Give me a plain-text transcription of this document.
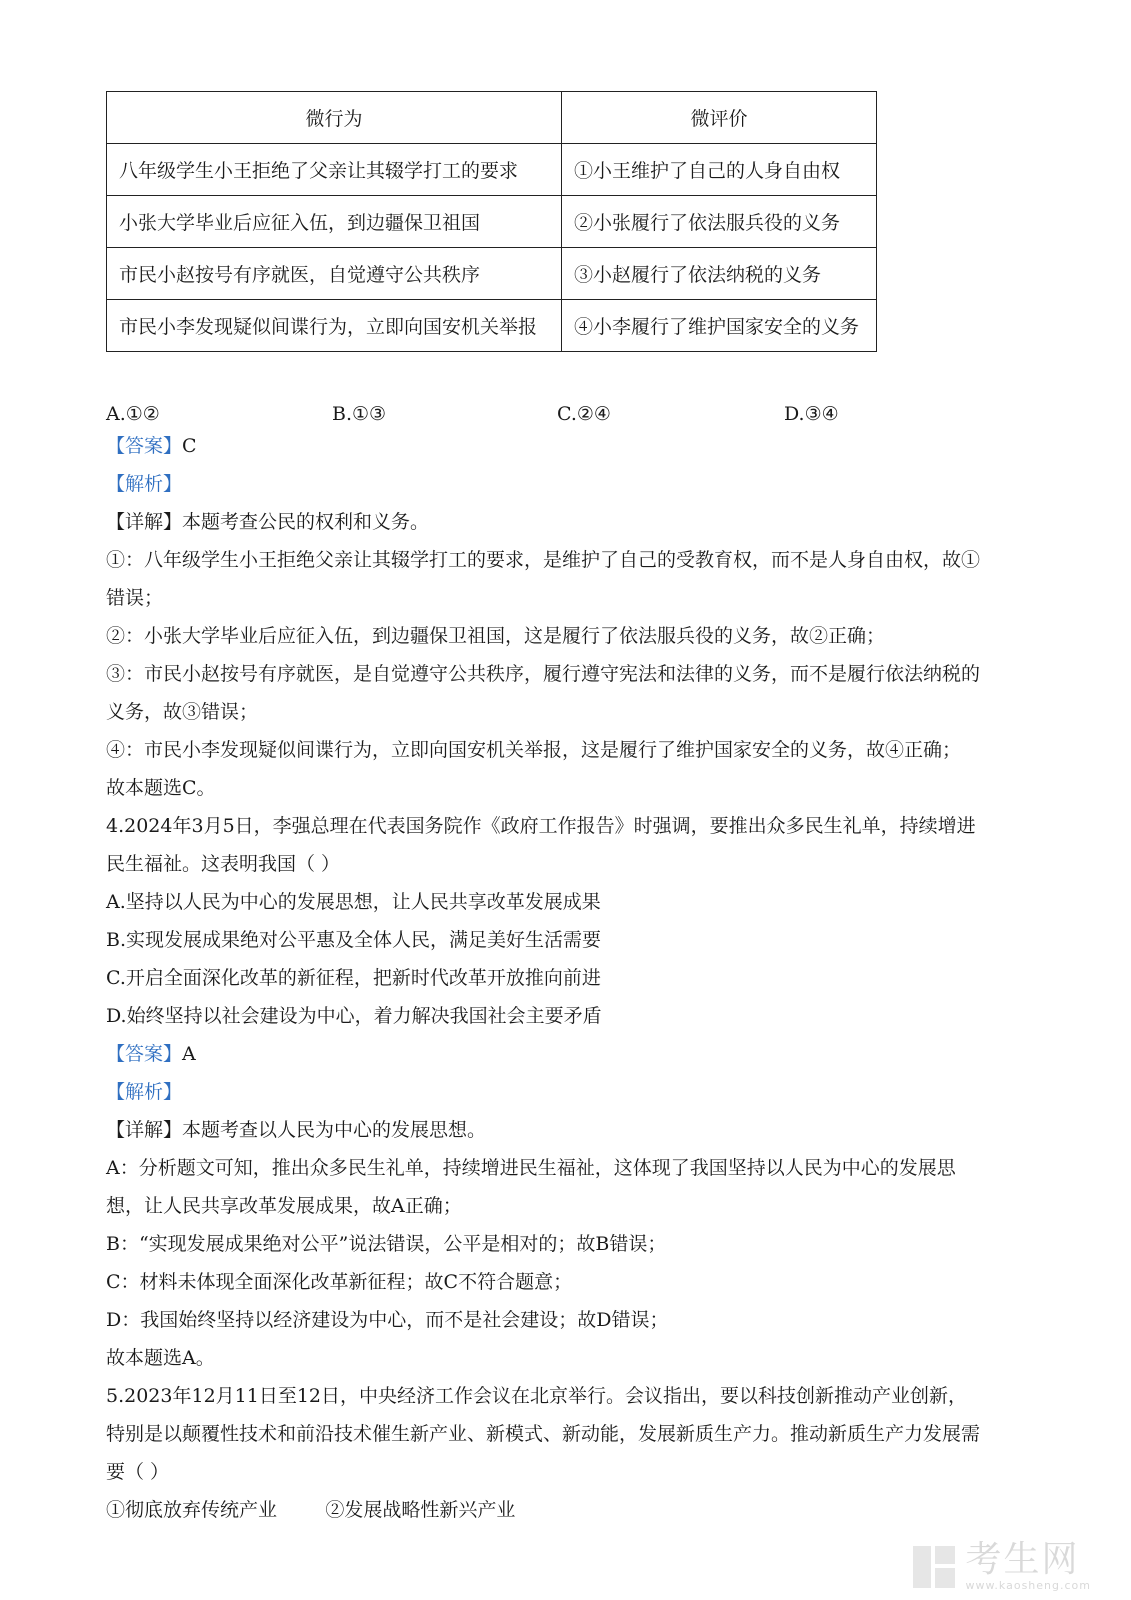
微行为	微评价
八年级学生小王拒绝了父亲让其辍学打工的要求	①小王维护了自己的人身自由权
小张大学毕业后应征入伍，到边疆保卫祖国	②小张履行了依法服兵役的义务
市民小赵按号有序就医，自觉遵守公共秩序	③小赵履行了依法纳税的义务
市民小李发现疑似间谍行为，立即向国安机关举报	④小李履行了维护国家安全的义务
A.①②	B.①③	C.②④	D.③④
【答案】C
【解析】
【详解】本题考查公民的权利和义务。
①：八年级学生小王拒绝父亲让其辍学打工的要求，是维护了自己的受教育权，而不是人身自由权，故①
错误；
②：小张大学毕业后应征入伍，到边疆保卫祖国，这是履行了依法服兵役的义务，故②正确；
③：市民小赵按号有序就医，是自觉遵守公共秩序，履行遵守宪法和法律的义务，而不是履行依法纳税的
义务，故③错误；
④：市民小李发现疑似间谍行为，立即向国安机关举报，这是履行了维护国家安全的义务，故④正确；
故本题选C。
4.2024年3月5日，李强总理在代表国务院作《政府工作报告》时强调，要推出众多民生礼单，持续增进
民生福祉。这表明我国（ ）
A.坚持以人民为中心的发展思想，让人民共享改革发展成果
B.实现发展成果绝对公平惠及全体人民，满足美好生活需要
C.开启全面深化改革的新征程，把新时代改革开放推向前进
D.始终坚持以社会建设为中心，着力解决我国社会主要矛盾
【答案】A
【解析】
【详解】本题考查以人民为中心的发展思想。
A：分析题文可知，推出众多民生礼单，持续增进民生福祉，这体现了我国坚持以人民为中心的发展思
想，让人民共享改革发展成果，故A正确；
B：“实现发展成果绝对公平”说法错误，公平是相对的；故B错误；
C：材料未体现全面深化改革新征程；故C不符合题意；
D：我国始终坚持以经济建设为中心，而不是社会建设；故D错误；
故本题选A。
5.2023年12月11日至12日，中央经济工作会议在北京举行。会议指出，要以科技创新推动产业创新，
特别是以颠覆性技术和前沿技术催生新产业、新模式、新动能，发展新质生产力。推动新质生产力发展需
要（ ）
①彻底放弃传统产业        ②发展战略性新兴产业
考生网
www.kaosheng.com
